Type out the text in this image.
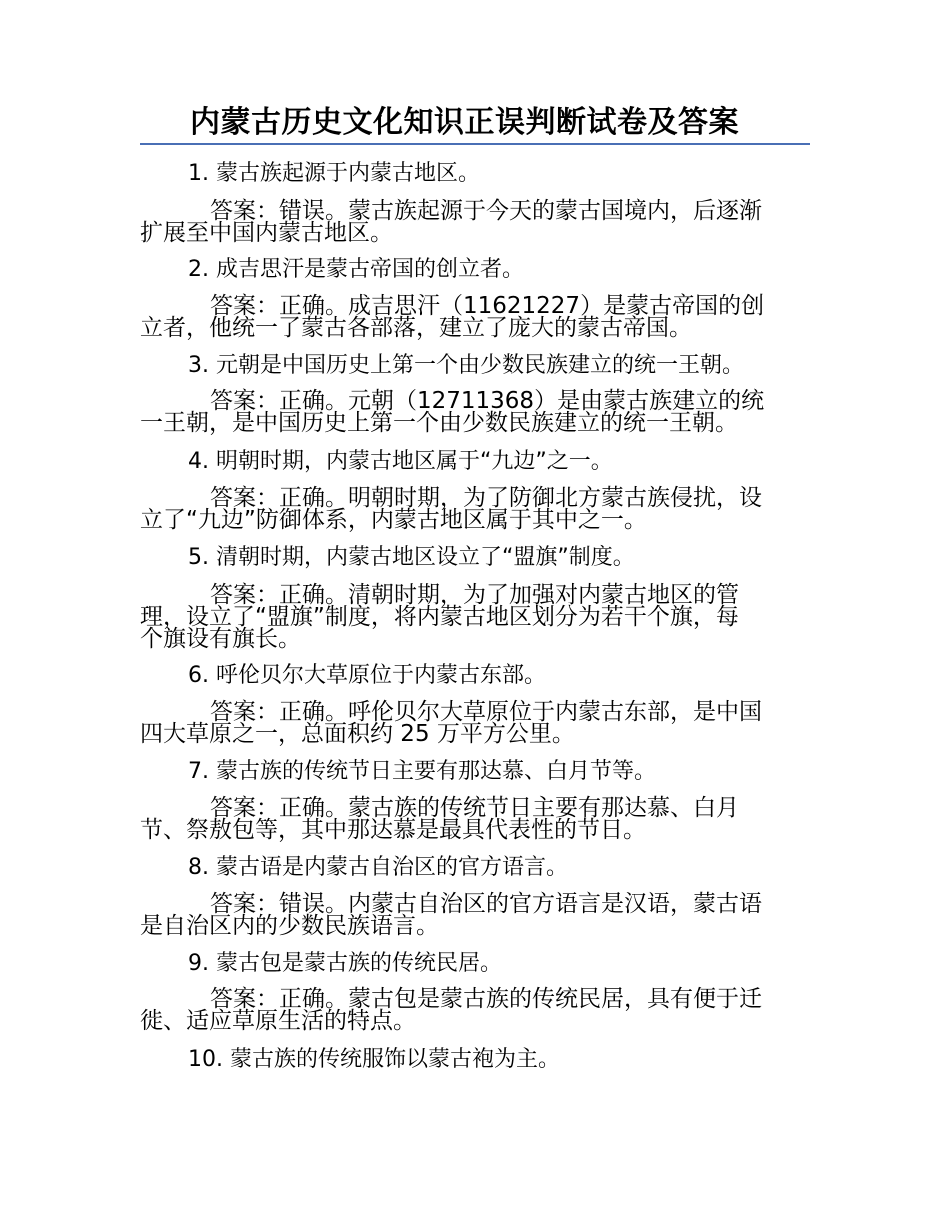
内蒙古历史文化知识正误判断试卷及答案
1. 蒙古族起源于内蒙古地区。
答案：错误。蒙古族起源于今天的蒙古国境内，后逐渐
扩展至中国内蒙古地区。
2. 成吉思汗是蒙古帝国的创立者。
答案：正确。成吉思汗（11621227）是蒙古帝国的创
立者，他统一了蒙古各部落，建立了庞大的蒙古帝国。
3. 元朝是中国历史上第一个由少数民族建立的统一王朝。
答案：正确。元朝（12711368）是由蒙古族建立的统
一王朝，是中国历史上第一个由少数民族建立的统一王朝。
4. 明朝时期，内蒙古地区属于“九边”之一。
答案：正确。明朝时期，为了防御北方蒙古族侵扰，设
立了“九边”防御体系，内蒙古地区属于其中之一。
5. 清朝时期，内蒙古地区设立了“盟旗”制度。
答案：正确。清朝时期，为了加强对内蒙古地区的管
理，设立了“盟旗”制度，将内蒙古地区划分为若干个旗，每
个旗设有旗长。
6. 呼伦贝尔大草原位于内蒙古东部。
答案：正确。呼伦贝尔大草原位于内蒙古东部，是中国
四大草原之一，总面积约 25 万平方公里。
7. 蒙古族的传统节日主要有那达慕、白月节等。
答案：正确。蒙古族的传统节日主要有那达慕、白月
节、祭敖包等，其中那达慕是最具代表性的节日。
8. 蒙古语是内蒙古自治区的官方语言。
答案：错误。内蒙古自治区的官方语言是汉语，蒙古语
是自治区内的少数民族语言。
9. 蒙古包是蒙古族的传统民居。
答案：正确。蒙古包是蒙古族的传统民居，具有便于迁
徙、适应草原生活的特点。
10. 蒙古族的传统服饰以蒙古袍为主。
